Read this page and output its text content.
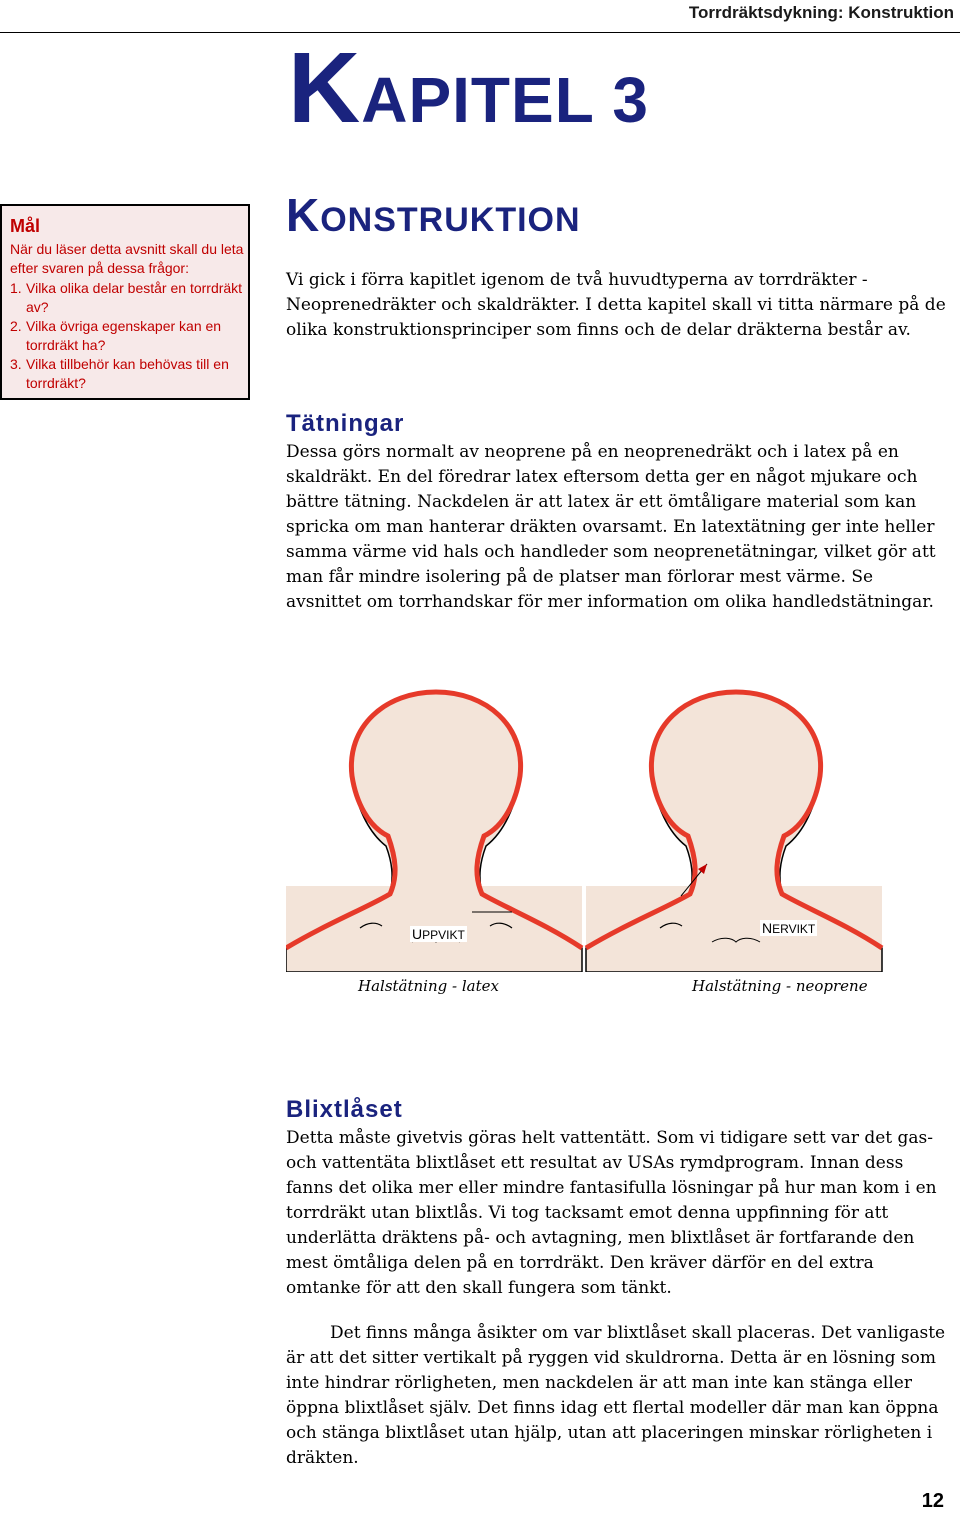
Torrdräktsdykning: Konstruktion
KAPITEL 3
Mål
När du läser detta avsnitt skall du leta efter svaren på dessa frågor:
1. Vilka olika delar består en torrdräkt av?
2. Vilka övriga egenskaper kan en torrdräkt ha?
3. Vilka tillbehör kan behövas till en torrdräkt?
KONSTRUKTION

Vi gick i förra kapitlet igenom de två huvudtyperna av torrdräkter - Neoprenedräkter och skaldräkter. I detta kapitel skall vi titta närmare på de olika konstruktionsprinciper som finns och de delar dräkterna består av.

Tätningar

Dessa görs normalt av neoprene på en neoprenedräkt och i latex på en skaldräkt. En del föredrar latex eftersom detta ger en något mjukare och bättre tätning. Nackdelen är att latex är ett ömtåligare material som kan spricka om man hanterar dräkten ovarsamt. En latextätning ger inte heller samma värme vid hals och handleder som neoprenetätningar, vilket gör att man får mindre isolering på de platser man förlorar mest värme. Se avsnittet om torrhandskar för mer information om olika handledstätningar.

UPPVIKT	NERVIKT
Halstätning - latex	Halstätning - neoprene
Blixtlåset

Detta måste givetvis göras helt vattentätt. Som vi tidigare sett var det gas- och vattentäta blixtlåset ett resultat av USAs rymdprogram. Innan dess fanns det olika mer eller mindre fantasifulla lösningar på hur man kom i en torrdräkt utan blixtlås. Vi tog tacksamt emot denna uppfinning för att underlätta dräktens på- och avtagning, men blixtlåset är fortfarande den mest ömtåliga delen på en torrdräkt. Den kräver därför en del extra omtanke för att den skall fungera som tänkt.

Det finns många åsikter om var blixtlåset skall placeras. Det vanligaste är att det sitter vertikalt på ryggen vid skuldrorna. Detta är en lösning som inte hindrar rörligheten, men nackdelen är att man inte kan stänga eller öppna blixtlåset själv. Det finns idag ett flertal modeller där man kan öppna och stänga blixtlåset utan hjälp, utan att placeringen minskar rörligheten i dräkten.

12
